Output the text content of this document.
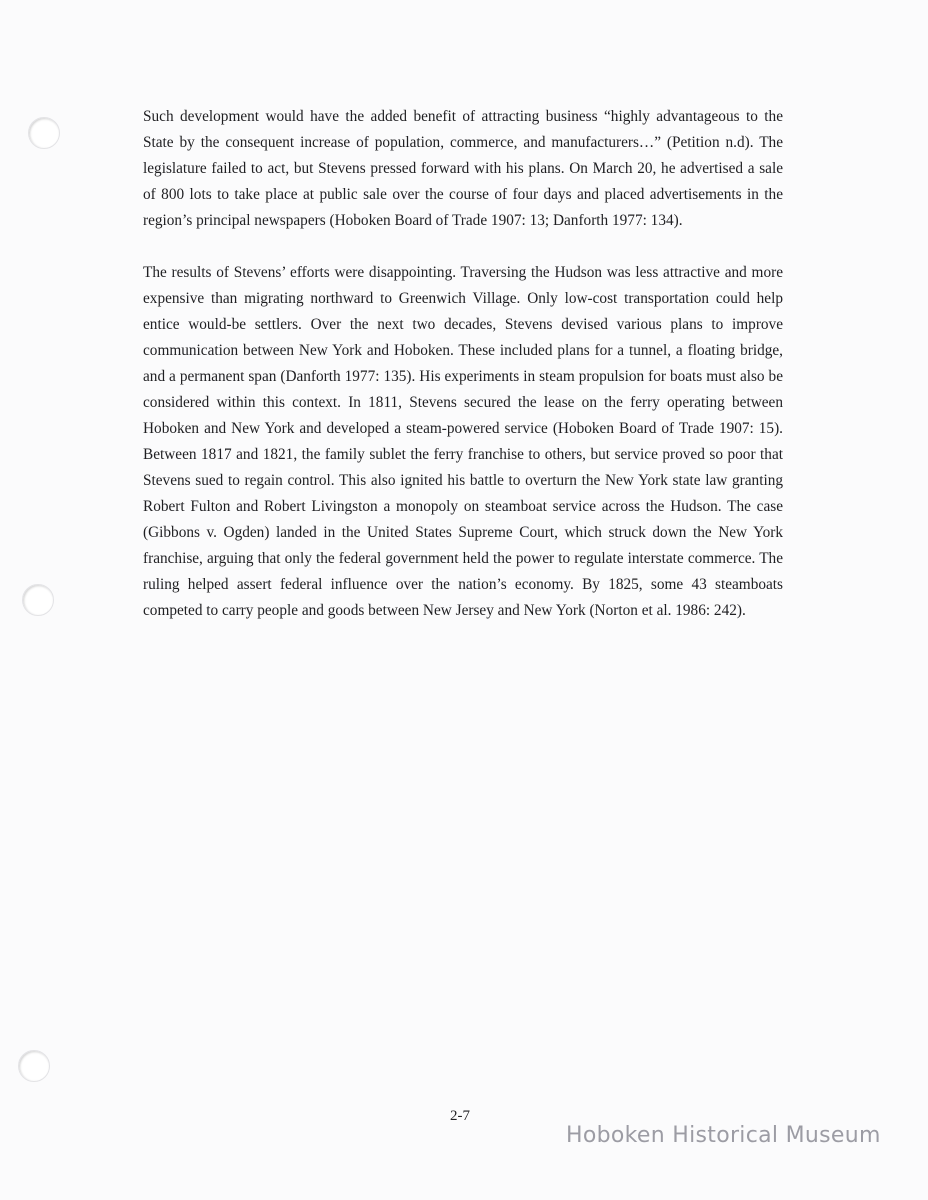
Such development would have the added benefit of attracting business “highly advantageous to the State by the consequent increase of population, commerce, and manufacturers…” (Petition n.d). The legislature failed to act, but Stevens pressed forward with his plans. On March 20, he advertised a sale of 800 lots to take place at public sale over the course of four days and placed advertisements in the region’s principal newspapers (Hoboken Board of Trade 1907: 13; Danforth 1977: 134).

The results of Stevens’ efforts were disappointing. Traversing the Hudson was less attractive and more expensive than migrating northward to Greenwich Village. Only low-cost transportation could help entice would-be settlers. Over the next two decades, Stevens devised various plans to improve communication between New York and Hoboken. These included plans for a tunnel, a floating bridge, and a permanent span (Danforth 1977: 135). His experiments in steam propulsion for boats must also be considered within this context. In 1811, Stevens secured the lease on the ferry operating between Hoboken and New York and developed a steam-powered service (Hoboken Board of Trade 1907: 15). Between 1817 and 1821, the family sublet the ferry franchise to others, but service proved so poor that Stevens sued to regain control. This also ignited his battle to overturn the New York state law granting Robert Fulton and Robert Livingston a monopoly on steamboat service across the Hudson. The case (Gibbons v. Ogden) landed in the United States Supreme Court, which struck down the New York franchise, arguing that only the federal government held the power to regulate interstate commerce. The ruling helped assert federal influence over the nation’s economy. By 1825, some 43 steamboats competed to carry people and goods between New Jersey and New York (Norton et al. 1986: 242).

2-7
Hoboken Historical Museum
